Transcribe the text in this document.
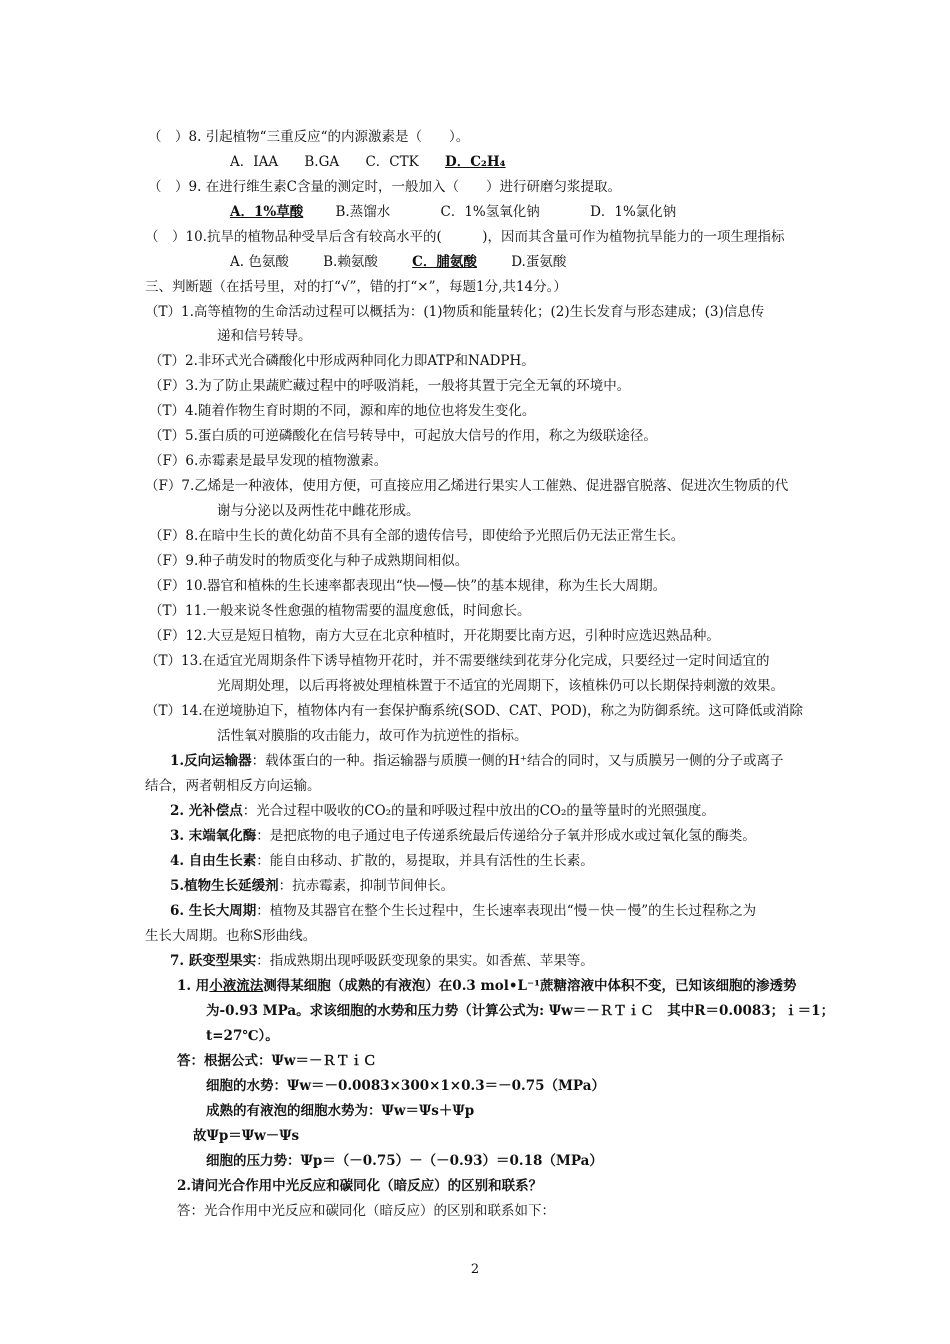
（　）8. 引起植物“三重反应“的内源激素是（　　）。
A．IAA B.GA C．CTK D．C₂H₄
（　）9. 在进行维生素C含量的测定时，一般加入（　　）进行研磨匀浆提取。
A．1%草酸 B.蒸馏水	C．1%氢氧化钠	D．1%氯化钠
（　）10.抗旱的植物品种受旱后含有较高水平的(　　　)，因而其含量可作为植物抗旱能力的一项生理指标
A. 色氨酸	B.赖氨酸	C．脯氨酸	D.蛋氨酸
三、判断题（在括号里，对的打“√”，错的打“×”，每题1分,共14分。）
（T）1.高等植物的生命活动过程可以概括为：(1)物质和能量转化；(2)生长发育与形态建成；(3)信息传
递和信号转导。
（T）2.非环式光合磷酸化中形成两种同化力即ATP和NADPH。
（F）3.为了防止果蔬贮藏过程中的呼吸消耗，一般将其置于完全无氧的环境中。
（T）4.随着作物生育时期的不同，源和库的地位也将发生变化。
（T）5.蛋白质的可逆磷酸化在信号转导中，可起放大信号的作用，称之为级联途径。
（F）6.赤霉素是最早发现的植物激素。
（F）7.乙烯是一种液体，使用方便，可直接应用乙烯进行果实人工催熟、促进器官脱落、促进次生物质的代
谢与分泌以及两性花中雌花形成。
（F）8.在暗中生长的黄化幼苗不具有全部的遗传信号，即使给予光照后仍无法正常生长。
（F）9.种子萌发时的物质变化与种子成熟期间相似。
（F）10.器官和植株的生长速率都表现出“快—慢—快”的基本规律，称为生长大周期。
（T）11.一般来说冬性愈强的植物需要的温度愈低，时间愈长。
（F）12.大豆是短日植物，南方大豆在北京种植时，开花期要比南方迟，引种时应选迟熟品种。
（T）13.在适宜光周期条件下诱导植物开花时，并不需要继续到花芽分化完成，只要经过一定时间适宜的
光周期处理，以后再将被处理植株置于不适宜的光周期下，该植株仍可以长期保持刺激的效果。
（T）14.在逆境胁迫下，植物体内有一套保护酶系统(SOD、CAT、POD)，称之为防御系统。这可降低或消除
活性氧对膜脂的攻击能力，故可作为抗逆性的指标。
1.反向运输器：载体蛋白的一种。指运输器与质膜一侧的H⁺结合的同时，又与质膜另一侧的分子或离子
结合，两者朝相反方向运输。
2. 光补偿点：光合过程中吸收的CO₂的量和呼吸过程中放出的CO₂的量等量时的光照强度。
3. 末端氧化酶：是把底物的电子通过电子传递系统最后传递给分子氧并形成水或过氧化氢的酶类。
4. 自由生长素：能自由移动、扩散的，易提取，并具有活性的生长素。
5.植物生长延缓剂：抗赤霉素，抑制节间伸长。
6. 生长大周期：植物及其器官在整个生长过程中，生长速率表现出“慢－快－慢”的生长过程称之为
生长大周期。也称S形曲线。
7. 跃变型果实：指成熟期出现呼吸跃变现象的果实。如香蕉、苹果等。
1. 用小液流法测得某细胞（成熟的有液泡）在0.3 mol•L⁻¹蔗糖溶液中体积不变，已知该细胞的渗透势
为-0.93 MPa。求该细胞的水势和压力势（计算公式为: Ψw＝－ＲＴｉＣ　其中R＝0.0083；ｉ＝1；
t=27℃）。
答：根据公式：Ψw＝－ＲＴｉＣ
细胞的水势：Ψw＝－0.0083×300×1×0.3＝－0.75（MPa）
成熟的有液泡的细胞水势为：Ψw＝Ψs＋Ψp
故Ψp＝Ψw－Ψs
细胞的压力势：Ψp＝（－0.75）－（－0.93）＝0.18（MPa）
2.请问光合作用中光反应和碳同化（暗反应）的区别和联系？
答：光合作用中光反应和碳同化（暗反应）的区别和联系如下：
2
